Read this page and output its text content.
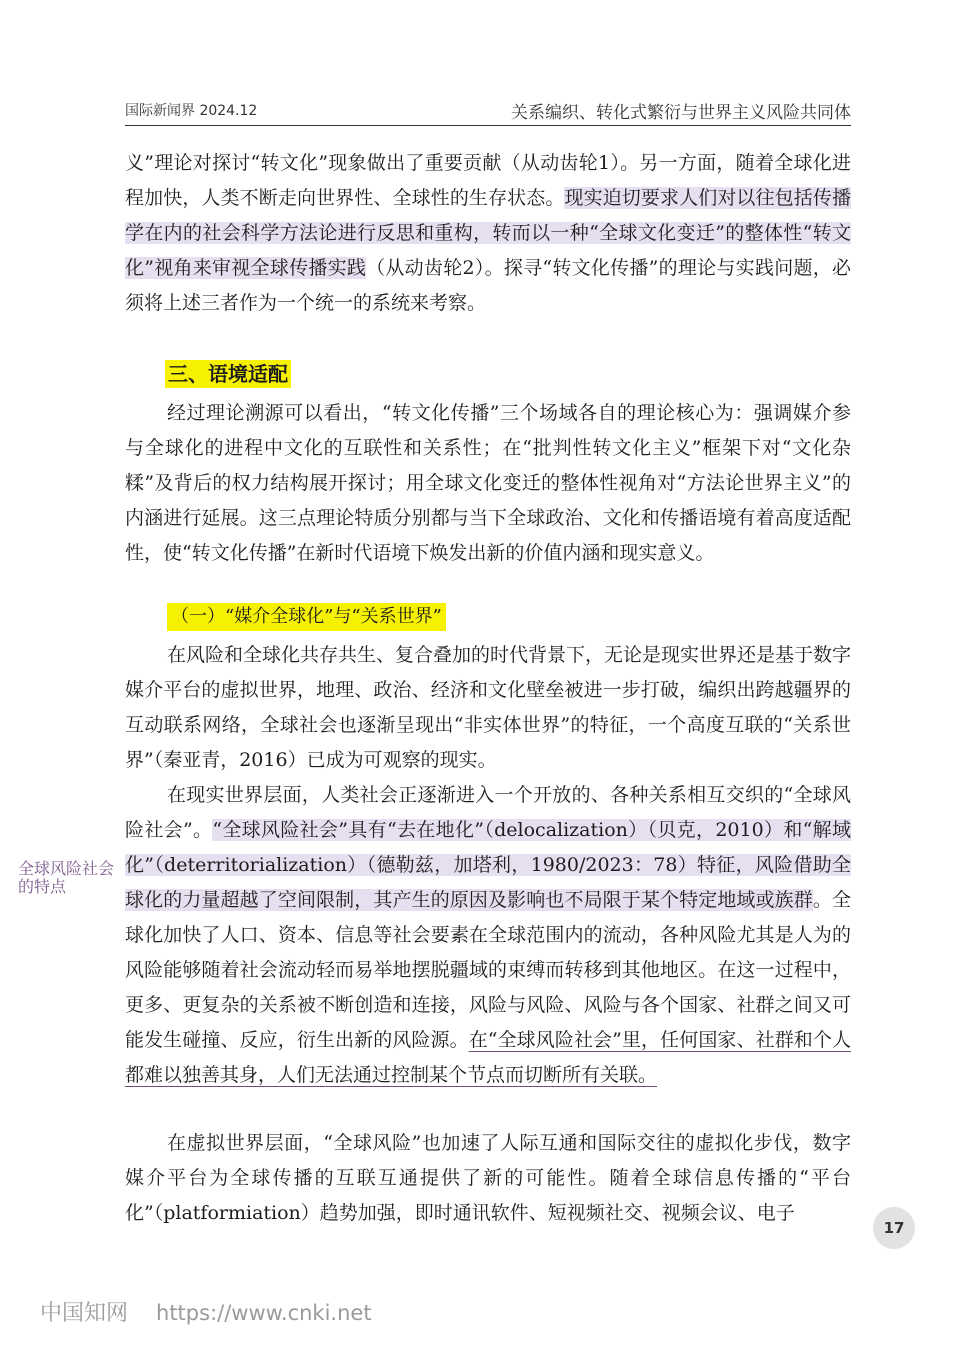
国际新闻界 2024.12	关系编织、转化式繁衍与世界主义风险共同体

义”理论对探讨“转文化”现象做出了重要贡献（从动齿轮1）。另一方面，随着全球化进程加快，人类不断走向世界性、全球性的生存状态。现实迫切要求人们对以往包括传播学在内的社会科学方法论进行反思和重构，转而以一种“全球文化变迁”的整体性“转文化”视角来审视全球传播实践（从动齿轮2）。探寻“转文化传播”的理论与实践问题，必须将上述三者作为一个统一的系统来考察。

三、语境适配

经过理论溯源可以看出，“转文化传播”三个场域各自的理论核心为：强调媒介参与全球化的进程中文化的互联性和关系性；在“批判性转文化主义”框架下对“文化杂糅”及背后的权力结构展开探讨；用全球文化变迁的整体性视角对“方法论世界主义”的内涵进行延展。这三点理论特质分别都与当下全球政治、文化和传播语境有着高度适配性，使“转文化传播”在新时代语境下焕发出新的价值内涵和现实意义。

（一）“媒介全球化”与“关系世界”

在风险和全球化共存共生、复合叠加的时代背景下，无论是现实世界还是基于数字媒介平台的虚拟世界，地理、政治、经济和文化壁垒被进一步打破，编织出跨越疆界的互动联系网络，全球社会也逐渐呈现出“非实体世界”的特征，一个高度互联的“关系世界”（秦亚青，2016）已成为可观察的现实。

在现实世界层面，人类社会正逐渐进入一个开放的、各种关系相互交织的“全球风险社会”。“全球风险社会”具有“去在地化”（delocalization）（贝克，2010）和“解域化”（deterritorialization）（德勒兹，加塔利，1980/2023：78）特征，风险借助全球化的力量超越了空间限制，其产生的原因及影响也不局限于某个特定地域或族群。全球化加快了人口、资本、信息等社会要素在全球范围内的流动，各种风险尤其是人为的风险能够随着社会流动轻而易举地摆脱疆域的束缚而转移到其他地区。在这一过程中，更多、更复杂的关系被不断创造和连接，风险与风险、风险与各个国家、社群之间又可能发生碰撞、反应，衍生出新的风险源。在“全球风险社会”里，任何国家、社群和个人都难以独善其身，人们无法通过控制某个节点而切断所有关联。

全球风险社会的特点

在虚拟世界层面，“全球风险”也加速了人际互通和国际交往的虚拟化步伐，数字媒介平台为全球传播的互联互通提供了新的可能性。随着全球信息传播的“平台化”（platformiation）趋势加强，即时通讯软件、短视频社交、视频会议、电子

17
中国知网 https://www.cnki.net
